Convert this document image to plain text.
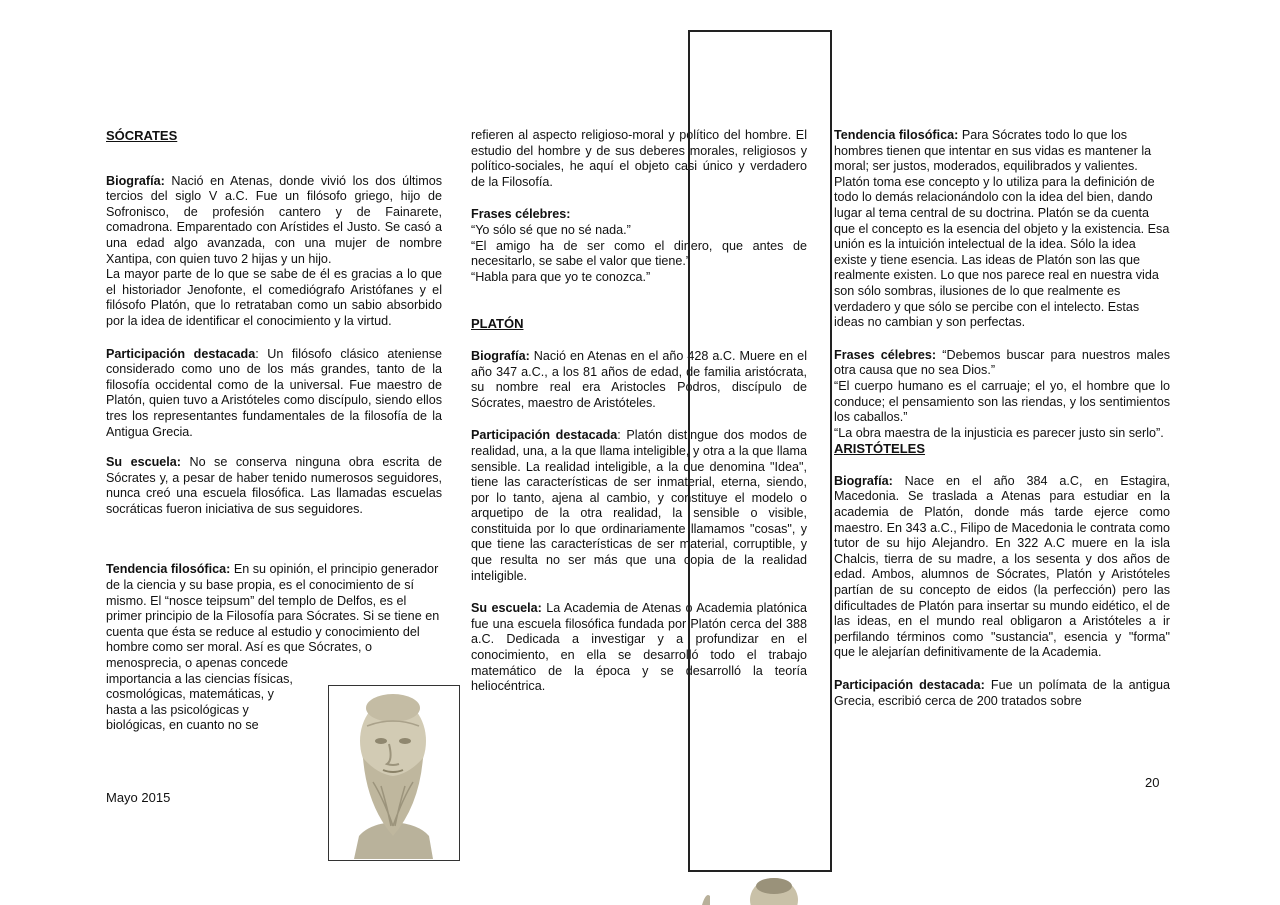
SÓCRATES

Biografía: Nació en Atenas, donde vivió los dos últimos tercios del siglo V a.C. Fue un filósofo griego, hijo de Sofronisco, de profesión cantero y de Fainarete, comadrona. Emparentado con Arístides el Justo. Se casó a una edad algo avanzada, con una mujer de nombre Xantipa, con quien tuvo 2 hijas y un hijo.

La mayor parte de lo que se sabe de él es gracias a lo que el historiador Jenofonte, el comediógrafo Aristófanes y el filósofo Platón, que lo retrataban como un sabio absorbido por la idea de identificar el conocimiento y la virtud.

Participación destacada: Un filósofo clásico ateniense considerado como uno de los más grandes, tanto de la filosofía occidental como de la universal. Fue maestro de Platón, quien tuvo a Aristóteles como discípulo, siendo ellos tres los representantes fundamentales de la filosofía de la Antigua Grecia.

Su escuela: No se conserva ninguna obra escrita de Sócrates y, a pesar de haber tenido numerosos seguidores, nunca creó una escuela filosófica. Las llamadas escuelas socráticas fueron iniciativa de sus seguidores.

Tendencia filosófica: En su opinión, el principio generador de la ciencia y su base propia, es el conocimiento de sí mismo. El “nosce teipsum” del templo de Delfos, es el primer principio de la Filosofía para Sócrates. Si se tiene en cuenta que ésta se reduce al estudio y conocimiento del hombre como ser moral. Así es que Sócrates, o

menosprecia, o apenas concede
importancia a las ciencias físicas,
cosmológicas, matemáticas, y
hasta a las psicológicas y
biológicas, en cuanto no se

refieren al aspecto religioso-moral y político del hombre. El estudio del hombre y de sus deberes morales, religiosos y político-sociales, he aquí el objeto casi único y verdadero de la Filosofía.

Frases célebres:

“Yo sólo sé que no sé nada.”

“El amigo ha de ser como el dinero, que antes de necesitarlo, se sabe el valor que tiene.”

“Habla para que yo te conozca.”

PLATÓN

Biografía: Nació en Atenas en el año 428 a.C. Muere en el año 347 a.C., a los 81 años de edad, de familia aristócrata, su nombre real era Aristocles Podros, discípulo de Sócrates, maestro de Aristóteles.

Participación destacada: Platón distingue dos modos de realidad, una, a la que llama inteligible, y otra a la que llama sensible. La realidad inteligible, a la que denomina "Idea", tiene las características de ser inmaterial, eterna, siendo, por lo tanto, ajena al cambio, y constituye el modelo o arquetipo de la otra realidad, la sensible o visible, constituida por lo que ordinariamente llamamos "cosas", y que tiene las características de ser material, corruptible, y que resulta no ser más que una copia de la realidad inteligible.

Su escuela: La Academia de Atenas o Academia platónica fue una escuela filosófica fundada por Platón cerca del 388 a.C. Dedicada a investigar y a profundizar en el conocimiento, en ella se desarrolló todo el trabajo matemático de la época y se desarrolló la teoría heliocéntrica.

Tendencia filosófica: Para Sócrates todo lo que los hombres tienen que intentar en sus vidas es mantener la moral; ser justos, moderados, equilibrados y valientes. Platón toma ese concepto y lo utiliza para la definición de todo lo demás relacionándolo con la idea del bien, dando lugar al tema central de su doctrina. Platón se da cuenta que el concepto es la esencia del objeto y la existencia. Esa unión es la intuición intelectual de la idea. Sólo la idea existe y tiene esencia. Las ideas de Platón son las que realmente existen. Lo que nos parece real en nuestra vida son sólo sombras, ilusiones de lo que realmente es verdadero y que sólo se percibe con el intelecto. Estas ideas no cambian y son perfectas.

Frases célebres: “Debemos buscar para nuestros males otra causa que no sea Dios.”

“El cuerpo humano es el carruaje; el yo, el hombre que lo conduce; el pensamiento son las riendas, y los sentimientos los caballos.”

“La obra maestra de la injusticia es parecer justo sin serlo”.

ARISTÓTELES

Biografía: Nace en el año 384 a.C, en Estagira, Macedonia. Se traslada a Atenas para estudiar en la academia de Platón, donde más tarde ejerce como maestro. En 343 a.C., Filipo de Macedonia le contrata como tutor de su hijo Alejandro. En 322 A.C muere en la isla Chalcis, tierra de su madre, a los sesenta y dos años de edad. Ambos, alumnos de Sócrates, Platón y Aristóteles partían de su concepto de eidos (la perfección) pero las dificultades de Platón para insertar su mundo eidético, el de las ideas, en el mundo real obligaron a Aristóteles a ir perfilando términos como "sustancia", esencia y "forma" que le alejarían definitivamente de la Academia.

Participación destacada: Fue un polímata de la antigua Grecia, escribió cerca de 200 tratados sobre

Mayo 2015
20
